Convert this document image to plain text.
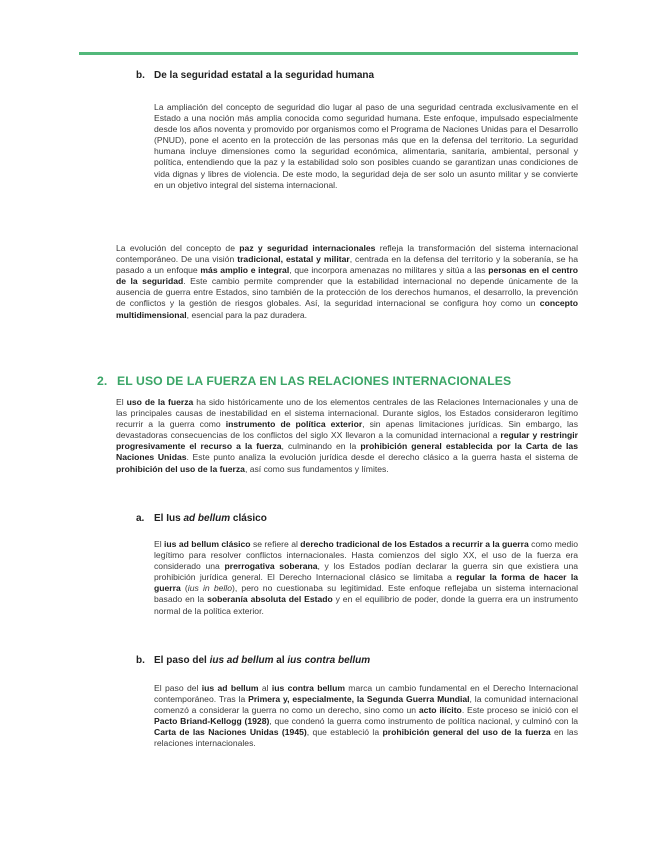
b. De la seguridad estatal a la seguridad humana

La ampliación del concepto de seguridad dio lugar al paso de una seguridad centrada exclusivamente en el Estado a una noción más amplia conocida como seguridad humana. Este enfoque, impulsado especialmente desde los años noventa y promovido por organismos como el Programa de Naciones Unidas para el Desarrollo (PNUD), pone el acento en la protección de las personas más que en la defensa del territorio. La seguridad humana incluye dimensiones como la seguridad económica, alimentaria, sanitaria, ambiental, personal y política, entendiendo que la paz y la estabilidad solo son posibles cuando se garantizan unas condiciones de vida dignas y libres de violencia. De este modo, la seguridad deja de ser solo un asunto militar y se convierte en un objetivo integral del sistema internacional.

La evolución del concepto de paz y seguridad internacionales refleja la transformación del sistema internacional contemporáneo. De una visión tradicional, estatal y militar, centrada en la defensa del territorio y la soberanía, se ha pasado a un enfoque más amplio e integral, que incorpora amenazas no militares y sitúa a las personas en el centro de la seguridad. Este cambio permite comprender que la estabilidad internacional no depende únicamente de la ausencia de guerra entre Estados, sino también de la protección de los derechos humanos, el desarrollo, la prevención de conflictos y la gestión de riesgos globales. Así, la seguridad internacional se configura hoy como un concepto multidimensional, esencial para la paz duradera.

2. EL USO DE LA FUERZA EN LAS RELACIONES INTERNACIONALES

El uso de la fuerza ha sido históricamente uno de los elementos centrales de las Relaciones Internacionales y una de las principales causas de inestabilidad en el sistema internacional. Durante siglos, los Estados consideraron legítimo recurrir a la guerra como instrumento de política exterior, sin apenas limitaciones jurídicas. Sin embargo, las devastadoras consecuencias de los conflictos del siglo XX llevaron a la comunidad internacional a regular y restringir progresivamente el recurso a la fuerza, culminando en la prohibición general establecida por la Carta de las Naciones Unidas. Este punto analiza la evolución jurídica desde el derecho clásico a la guerra hasta el sistema de prohibición del uso de la fuerza, así como sus fundamentos y límites.

a. El Ius ad bellum clásico

El ius ad bellum clásico se refiere al derecho tradicional de los Estados a recurrir a la guerra como medio legítimo para resolver conflictos internacionales. Hasta comienzos del siglo XX, el uso de la fuerza era considerado una prerrogativa soberana, y los Estados podían declarar la guerra sin que existiera una prohibición jurídica general. El Derecho Internacional clásico se limitaba a regular la forma de hacer la guerra (ius in bello), pero no cuestionaba su legitimidad. Este enfoque reflejaba un sistema internacional basado en la soberanía absoluta del Estado y en el equilibrio de poder, donde la guerra era un instrumento normal de la política exterior.

b. El paso del ius ad bellum al ius contra bellum

El paso del ius ad bellum al ius contra bellum marca un cambio fundamental en el Derecho Internacional contemporáneo. Tras la Primera y, especialmente, la Segunda Guerra Mundial, la comunidad internacional comenzó a considerar la guerra no como un derecho, sino como un acto ilícito. Este proceso se inició con el Pacto Briand-Kellogg (1928), que condenó la guerra como instrumento de política nacional, y culminó con la Carta de las Naciones Unidas (1945), que estableció la prohibición general del uso de la fuerza en las relaciones internacionales.
